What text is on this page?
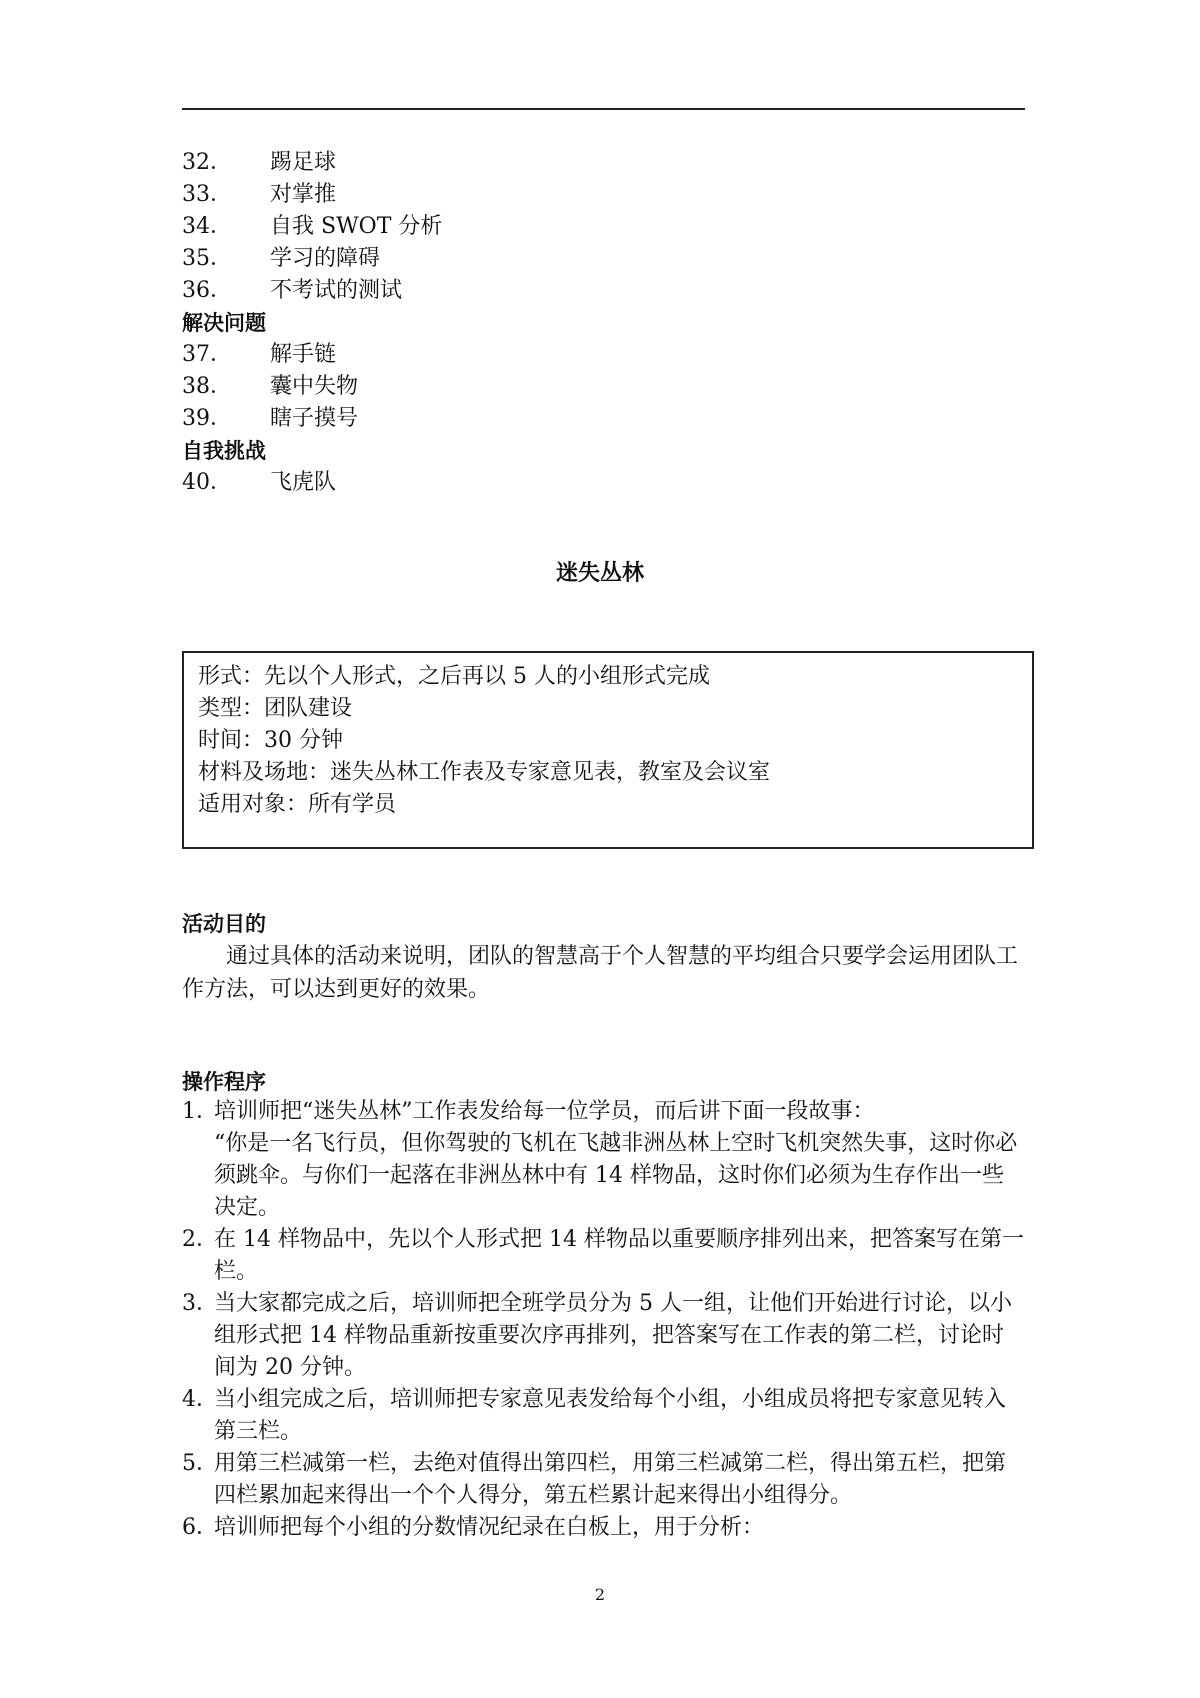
32． 踢足球
33． 对掌推
34． 自我 SWOT 分析
35． 学习的障碍
36． 不考试的测试
解决问题
37． 解手链
38． 囊中失物
39． 瞎子摸号
自我挑战
40． 飞虎队
迷失丛林
形式：先以个人形式，之后再以 5 人的小组形式完成
类型：团队建设
时间：30 分钟
材料及场地：迷失丛林工作表及专家意见表，教室及会议室
适用对象：所有学员
活动目的
通过具体的活动来说明，团队的智慧高于个人智慧的平均组合只要学会运用团队工作方法，可以达到更好的效果。
操作程序
1．
培训师把“迷失丛林”工作表发给每一位学员，而后讲下面一段故事：
“你是一名飞行员，但你驾驶的飞机在飞越非洲丛林上空时飞机突然失事，这时你必须跳伞。与你们一起落在非洲丛林中有 14 样物品，这时你们必须为生存作出一些决定。
2．
在 14 样物品中，先以个人形式把 14 样物品以重要顺序排列出来，把答案写在第一栏。
3．
当大家都完成之后，培训师把全班学员分为 5 人一组，让他们开始进行讨论，以小组形式把 14 样物品重新按重要次序再排列，把答案写在工作表的第二栏，讨论时间为 20 分钟。
4．
当小组完成之后，培训师把专家意见表发给每个小组，小组成员将把专家意见转入第三栏。
5．
用第三栏减第一栏，去绝对值得出第四栏，用第三栏减第二栏，得出第五栏，把第四栏累加起来得出一个个人得分，第五栏累计起来得出小组得分。
6．
培训师把每个小组的分数情况纪录在白板上，用于分析：
2
